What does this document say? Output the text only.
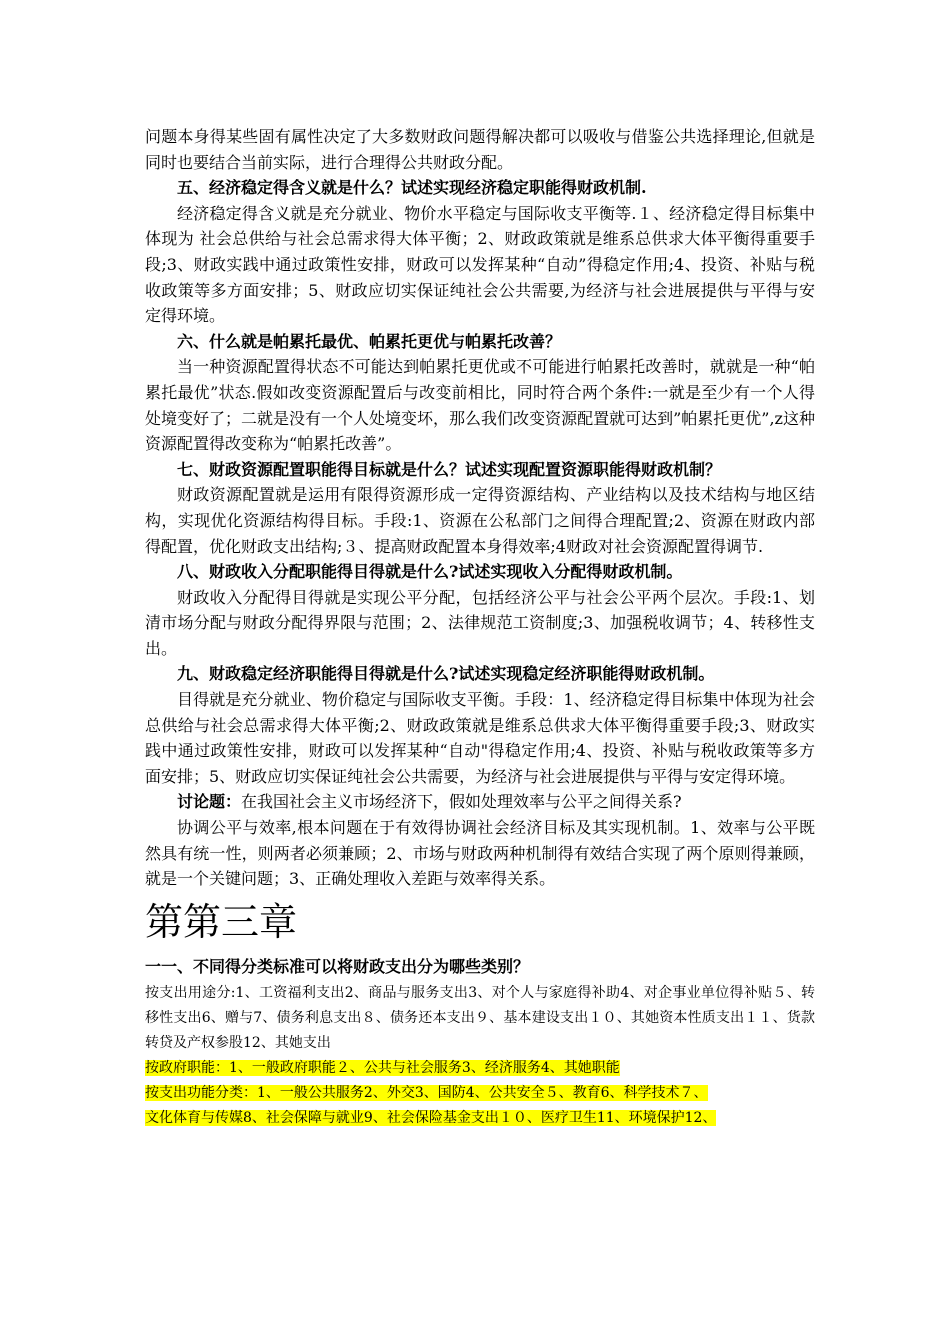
问题本身得某些固有属性决定了大多数财政问题得解决都可以吸收与借鉴公共选择理论,但就是同时也要结合当前实际，进行合理得公共财政分配。

五、经济稳定得含义就是什么？试述实现经济稳定职能得财政机制.

经济稳定得含义就是充分就业、物价水平稳定与国际收支平衡等.１、经济稳定得目标集中体现为 社会总供给与社会总需求得大体平衡；2、财政政策就是维系总供求大体平衡得重要手段;3、财政实践中通过政策性安排，财政可以发挥某种“自动”得稳定作用;4、投资、补贴与税收政策等多方面安排；5、财政应切实保证纯社会公共需要,为经济与社会进展提供与平得与安定得环境。

六、什么就是帕累托最优、帕累托更优与帕累托改善？

当一种资源配置得状态不可能达到帕累托更优或不可能进行帕累托改善时，就就是一种“帕累托最优”状态.假如改变资源配置后与改变前相比，同时符合两个条件:一就是至少有一个人得处境变好了；二就是没有一个人处境变坏，那么我们改变资源配置就可达到”帕累托更优”,z这种资源配置得改变称为“帕累托改善”。

七、财政资源配置职能得目标就是什么？试述实现配置资源职能得财政机制？

财政资源配置就是运用有限得资源形成一定得资源结构、产业结构以及技术结构与地区结构，实现优化资源结构得目标。手段:1、资源在公私部门之间得合理配置;2、资源在财政内部得配置，优化财政支出结构;３、提高财政配置本身得效率;4财政对社会资源配置得调节.

八、财政收入分配职能得目得就是什么?试述实现收入分配得财政机制。

财政收入分配得目得就是实现公平分配，包括经济公平与社会公平两个层次。手段:1、划清市场分配与财政分配得界限与范围；2、法律规范工资制度;3、加强税收调节；4、转移性支出。

九、财政稳定经济职能得目得就是什么?试述实现稳定经济职能得财政机制。

目得就是充分就业、物价稳定与国际收支平衡。手段：1、经济稳定得目标集中体现为社会总供给与社会总需求得大体平衡;2、财政政策就是维系总供求大体平衡得重要手段;3、财政实践中通过政策性安排，财政可以发挥某种“自动"得稳定作用;4、投资、补贴与税收政策等多方面安排；5、财政应切实保证纯社会公共需要，为经济与社会进展提供与平得与安定得环境。

讨论题：在我国社会主义市场经济下，假如处理效率与公平之间得关系?

协调公平与效率,根本问题在于有效得协调社会经济目标及其实现机制。1、效率与公平既然具有统一性，则两者必须兼顾；2、市场与财政两种机制得有效结合实现了两个原则得兼顾，就是一个关键问题；3、正确处理收入差距与效率得关系。

第第三章

一一、不同得分类标准可以将财政支出分为哪些类别？

按支出用途分:1、工资福利支出2、商品与服务支出3、对个人与家庭得补助4、对企事业单位得补贴５、转移性支出6、赠与7、债务利息支出８、债务还本支出９、基本建设支出１０、其她资本性质支出１１、货款转贷及产权参股12、其她支出

按政府职能：1、一般政府职能２、公共与社会服务3、经济服务4、其她职能

按支出功能分类：1、一般公共服务2、外交3、国防4、公共安全５、教育6、科学技术７、

文化体育与传媒8、社会保障与就业9、社会保险基金支出１０、医疗卫生11、环境保护12、
